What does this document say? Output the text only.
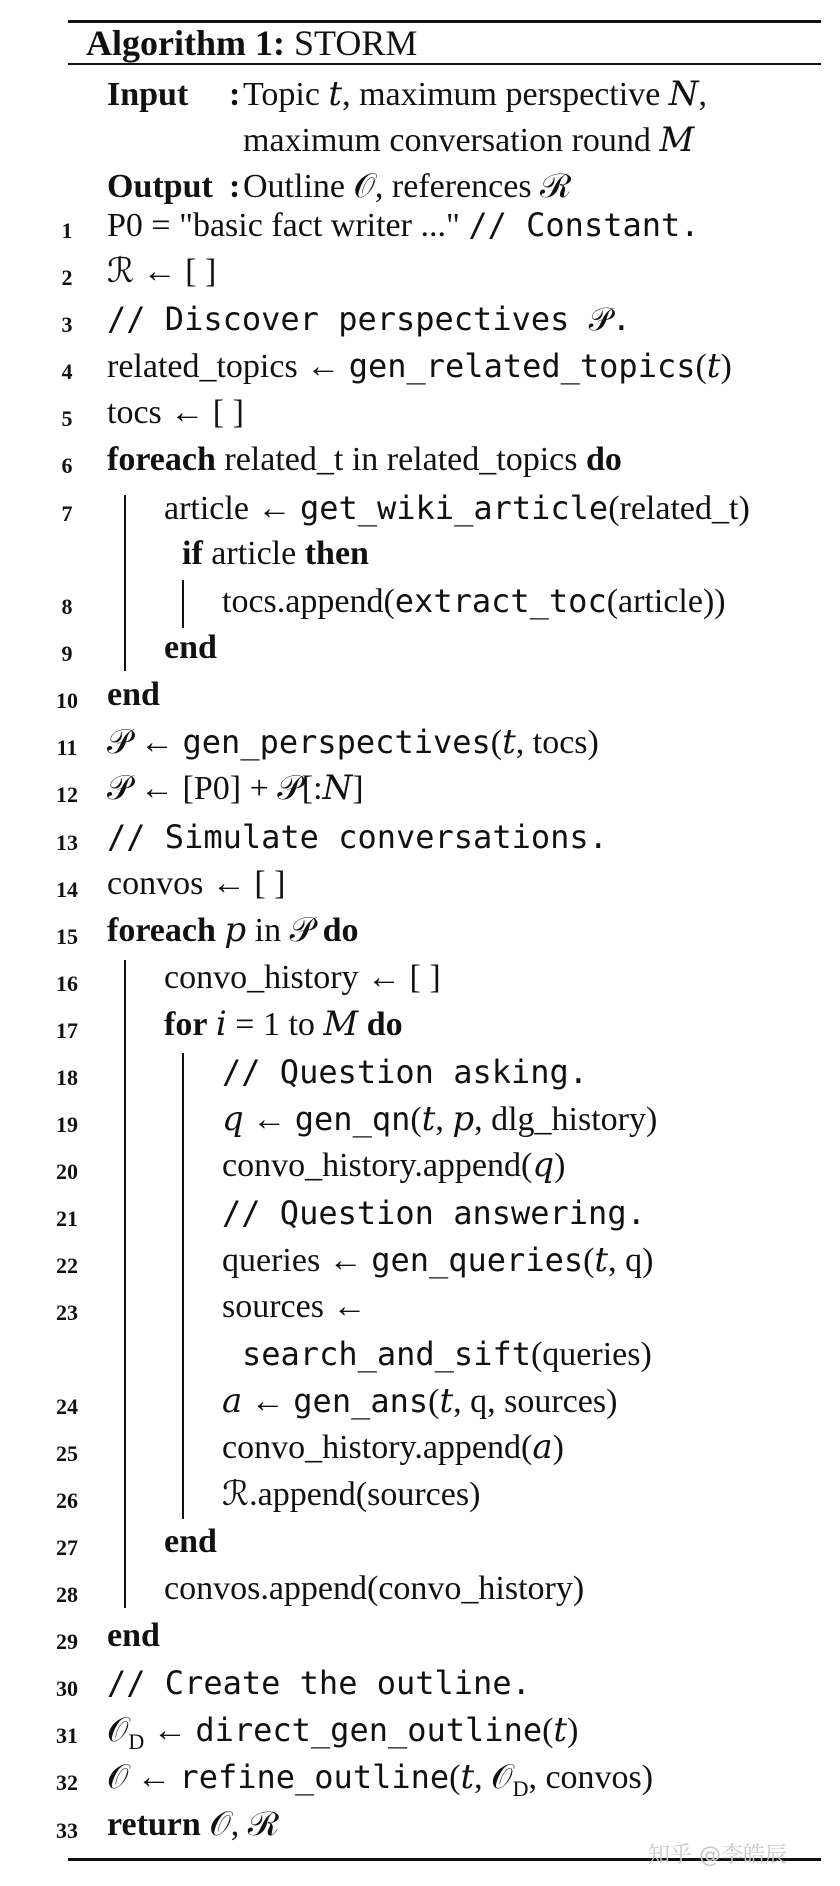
Algorithm 1: STORM
Input : Topic 𝑡, maximum perspective 𝑁,
maximum conversation round 𝑀
Output : Outline 𝒪, references ℛ
1	P0 = "basic fact writer ..." // Constant.
2	ℛ ← [ ]
3	// Discover perspectives 𝒫.
4	related_topics ← gen_related_topics(𝑡)
5	tocs ← [ ]
6	foreach related_t in related_topics do
7	article ← get_wiki_article(related_t)
if article then
8	tocs.append(extract_toc(article))
9	end
10 end
11 𝒫 ← gen_perspectives(𝑡, tocs)
12 𝒫 ← [P0] + 𝒫[:𝑁]
13 // Simulate conversations.
14 convos ← [ ]
15 foreach 𝑝 in 𝒫 do
16	convo_history ← [ ]
17	for 𝑖 = 1 to 𝑀 do
18	// Question asking.
19	𝑞 ← gen_qn(𝑡, 𝑝, dlg_history)
20	convo_history.append(𝑞)
21	// Question answering.
22	queries ← gen_queries(𝑡, q)
23	sources ←
search_and_sift(queries)
24	𝑎 ← gen_ans(𝑡, q, sources)
25	convo_history.append(𝑎)
26	ℛ.append(sources)
27	end
28	convos.append(convo_history)
29 end
30 // Create the outline.
31 𝒪$_D$ ← direct_gen_outline(𝑡)
32 𝒪 ← refine_outline(𝑡, 𝒪$_D$, convos)
33 return 𝒪, ℛ
知乎 @李皓辰
